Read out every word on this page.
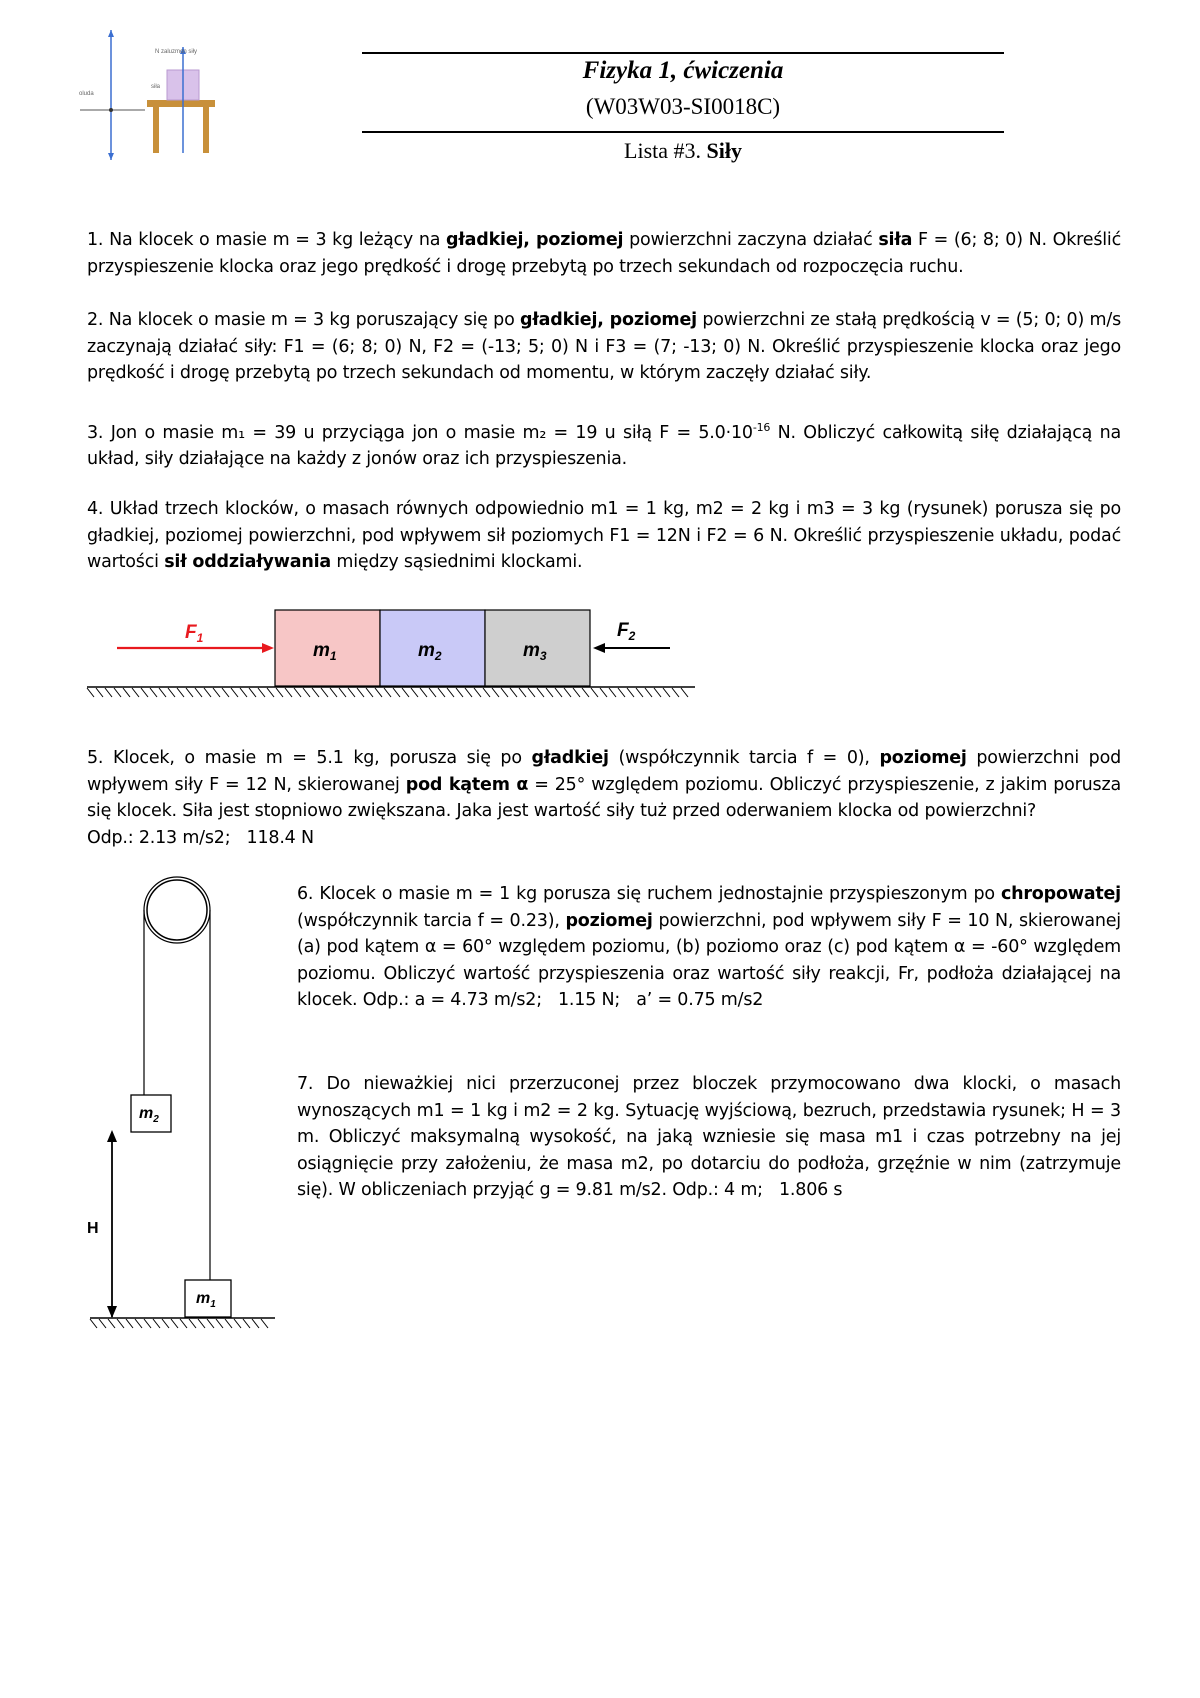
oluda
N zaluzmon siły
siła
Fizyka 1, ćwiczenia
(W03W03-SI0018C)
Lista #3. Siły
1. Na klocek o masie m = 3 kg leżący na gładkiej, poziomej powierzchni zaczyna działać siła F = (6; 8; 0) N. Określić przyspieszenie klocka oraz jego prędkość i drogę przebytą po trzech sekundach od rozpoczęcia ruchu.
2. Na klocek o masie m = 3 kg poruszający się po gładkiej, poziomej powierzchni ze stałą prędkością v = (5; 0; 0) m/s zaczynają działać siły: F1 = (6; 8; 0) N, F2 = (-13; 5; 0) N i F3 = (7; -13; 0) N. Określić przyspieszenie klocka oraz jego prędkość i drogę przebytą po trzech sekundach od momentu, w którym zaczęły działać siły.
3. Jon o masie m₁ = 39 u przyciąga jon o masie m₂ = 19 u siłą $F = 5.0\cdot 10^{-16}$ N. Obliczyć całkowitą siłę działającą na układ, siły działające na każdy z jonów oraz ich przyspieszenia.
4. Układ trzech klocków, o masach równych odpowiednio m1 = 1 kg, m2 = 2 kg i m3 = 3 kg (rysunek) porusza się po gładkiej, poziomej powierzchni, pod wpływem sił poziomych F1 = 12N i F2 = 6 N. Określić przyspieszenie układu, podać wartości sił oddziaływania między sąsiednimi klockami.
$m_1$	$m_2$	$m_3$
$F_1$	$F_2$
5. Klocek, o masie m = 5.1 kg, porusza się po gładkiej (współczynnik tarcia f = 0), poziomej powierzchni pod wpływem siły F = 12 N, skierowanej pod kątem α = 25° względem poziomu. Obliczyć przyspieszenie, z jakim porusza się klocek. Siła jest stopniowo zwiększana. Jaka jest wartość siły tuż przed oderwaniem klocka od powierzchni?
Odp.: 2.13 m/s2;   118.4 N
$m_2$
$m_1$
H
6. Klocek o masie m = 1 kg porusza się ruchem jednostajnie przyspieszonym po chropowatej (współczynnik tarcia f = 0.23), poziomej powierzchni, pod wpływem siły F = 10 N, skierowanej (a) pod kątem α = 60° względem poziomu, (b) poziomo oraz (c) pod kątem α = -60° względem poziomu. Obliczyć wartość przyspieszenia oraz wartość siły reakcji, Fr, podłoża działającej na klocek. Odp.: a = 4.73 m/s2;   1.15 N;   a’ = 0.75 m/s2
7. Do nieważkiej nici przerzuconej przez bloczek przymocowano dwa klocki, o masach wynoszących m1 = 1 kg i m2 = 2 kg. Sytuację wyjściową, bezruch, przedstawia rysunek; H = 3 m. Obliczyć maksymalną wysokość, na jaką wzniesie się masa m1 i czas potrzebny na jej osiągnięcie przy założeniu, że masa m2, po dotarciu do podłoża, grzęźnie w nim (zatrzymuje się). W obliczeniach przyjąć g = 9.81 m/s2. Odp.: 4 m;   1.806 s
